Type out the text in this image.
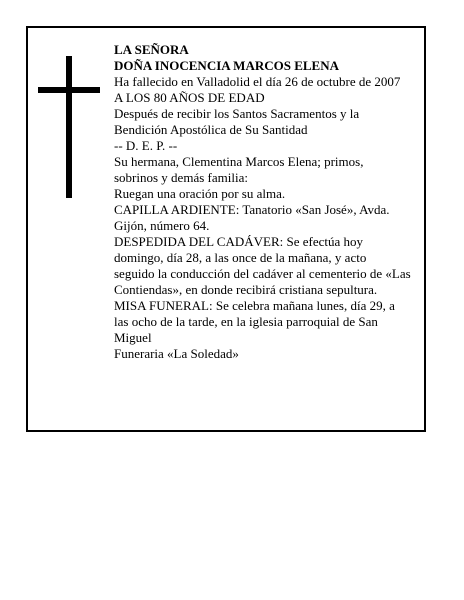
LA SEÑORA
DOÑA INOCENCIA MARCOS ELENA
Ha fallecido en Valladolid el día 26 de octubre de 2007
A LOS 80 AÑOS DE EDAD
Después de recibir los Santos Sacramentos y la
Bendición Apostólica de Su Santidad
-- D. E. P. --
Su hermana, Clementina Marcos Elena; primos,
sobrinos y demás familia:
Ruegan una oración por su alma.
CAPILLA ARDIENTE: Tanatorio «San José», Avda.
Gijón, número 64.
DESPEDIDA DEL CADÁVER: Se efectúa hoy
domingo, día 28, a las once de la mañana, y acto
seguido la conducción del cadáver al cementerio de «Las
Contiendas», en donde recibirá cristiana sepultura.
MISA FUNERAL: Se celebra mañana lunes, día 29, a
las ocho de la tarde, en la iglesia parroquial de San
Miguel
Funeraria «La Soledad»
